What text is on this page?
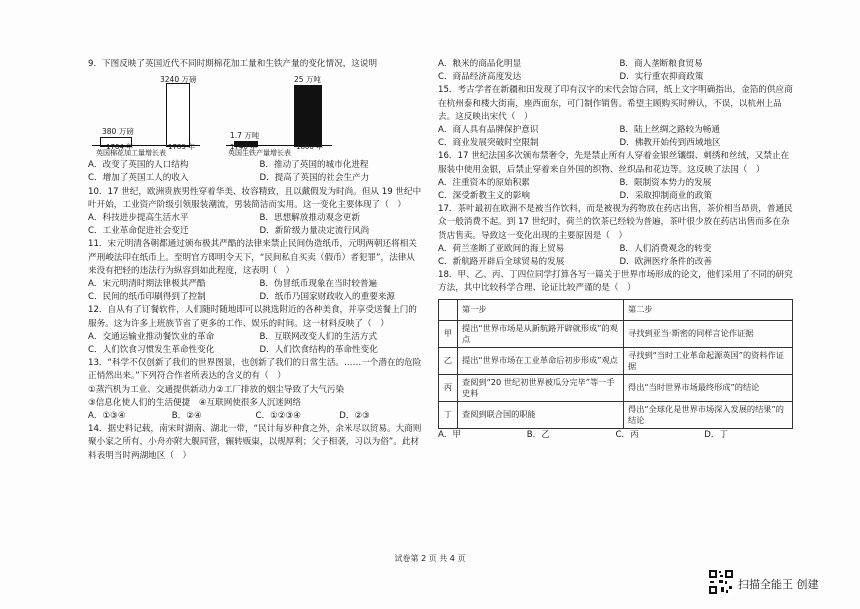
9．下图反映了英国近代不同时期棉花加工量和生铁产量的变化情况，这说明

380 万磅
3240 万磅
1764 年	1789 年
1.7 万吨
25 万吨
1740 年	1800 年
英国棉花加工量增长表	英国生铁产量增长表
A．改变了英国的人口结构	B．推动了英国的城市化进程
C．增加了英国工人的收入	D．提高了英国的社会生产力

10．17 世纪，欧洲贵族男性穿着华美、妆容精致，且以戴假发为时尚。但从 19 世纪中叶开始，工业资产阶级引领服装潮流，男装简洁而实用。这一变化主要体现了（　）

A．科技进步提高生活水平	B．思想解放推动观念更新
C．工业革命促进社会变迁	D．新阶级力量决定流行风尚

11．宋元明清各朝都通过颁布极其严酷的法律来禁止民间伪造纸币，元明两朝还将相关严刑峻法印在纸币上。至明官方即明令天下，“民间私自买卖（假币）者犯罪”，法律从来没有把轻的违法行为纵容到如此程度，这表明（　）

A．宋元明清时期法律极其严酷	B．伪冒纸币现象在当时较普遍
C．民间的纸币印刷得到了控制	D．纸币乃国家财政收入的重要来源

12．自从有了订餐软件，人们随时随地即可以挑选附近的各种美食，并享受送餐上门的服务。这为许多上班族节省了更多的工作、娱乐的时间。这一材料反映了（　）

A．交通运输业推动餐饮业的革命	B．互联网改变人们的生活方式
C．人们饮食习惯发生革命性变化	D．人们饮食结构的革命性变化

13．“科学不仅创新了我们的世界图景，也创新了我们的日常生活。……一个潜在的危险正悄然出来。”下列符合作者所表达的含义的有（　）

①蒸汽机为工业、交通提供新动力②工厂排放的烟尘导致了大气污染

③信息化使人们的生活便捷　④互联网使很多人沉迷网络

A．①③④	B．②④	C．①②③④	D．②③

14．据史料记载，南宋时湖南、湖北一带，“民计每岁种食之外，余米尽以贸易。大商则聚小家之所有，小舟亦附大舰同营，辗转贩粜，以规厚利；父子相袭，习以为俗”。此材料表明当时两湖地区（　）

A．粮米的商品化明显	B．商人垄断粮食贸易
C．商品经济高度发达	D．实行重农抑商政策

15．考古学者在新疆和田发现了印有汉字的宋代会馆合同，纸上文字明确指出，金箔的供应商在杭州泰和楼大街南，座西面东，可门制作销售。希望主顾购买时辨认，不误，以杭州上品去。这反映出宋代（　）

A．商人具有品牌保护意识	B．陆上丝绸之路较为畅通
C．商业发展突破时空限制	D．佛教开始传到西域地区

16．17 世纪法国多次颁布禁奢令，先是禁止所有人穿着金银丝镶缀、刺绣和丝绒，又禁止在服装中使用金银，后禁止穿着来自外国的织物、丝织品和花边等。这反映了法国（　）

A．注重资本的原始积累	B．限制资本势力的发展
C．深受新教主义的影响	D．采取抑制商业的政策

17．茶叶最初在欧洲不是被当作饮料，而是被视为药物放在药店出售，茶价相当昂贵，普通民众一般消费不起。到 17 世纪时，荷兰的饮茶已经较为普遍，茶叶很少放在药店出售而多在杂货店售卖。导致这一变化出现的主要原因是（　）

A．荷兰垄断了亚欧间的海上贸易	B．人们消费观念的转变
C．新航路开辟后全球贸易的发展	D．欧洲医疗条件的改善

18．甲、乙、丙、丁四位同学打算各写一篇关于世界市场形成的论文，他们采用了不同的研究方法，其中比较科学合理、论证比较严谨的是（　）

	第一步	第二步
甲	提出“世界市场是从新航路开辟就形成”的观点	寻找到亚当·斯密的同样言论作证据
乙	提出“世界市场在工业革命后初步形成”观点	寻找到“当时工业革命起源英国”的资料作证据
丙	查阅到“20 世纪初世界被瓜分完毕”等一手史料	得出“当时世界市场最终形成”的结论
丁	查阅到联合国的职能	得出“全球化是世界市场深入发展的结果”的结论
A．甲	B．乙	C．丙	D．丁
试卷第 2 页 共 4 页
扫描全能王 创建
